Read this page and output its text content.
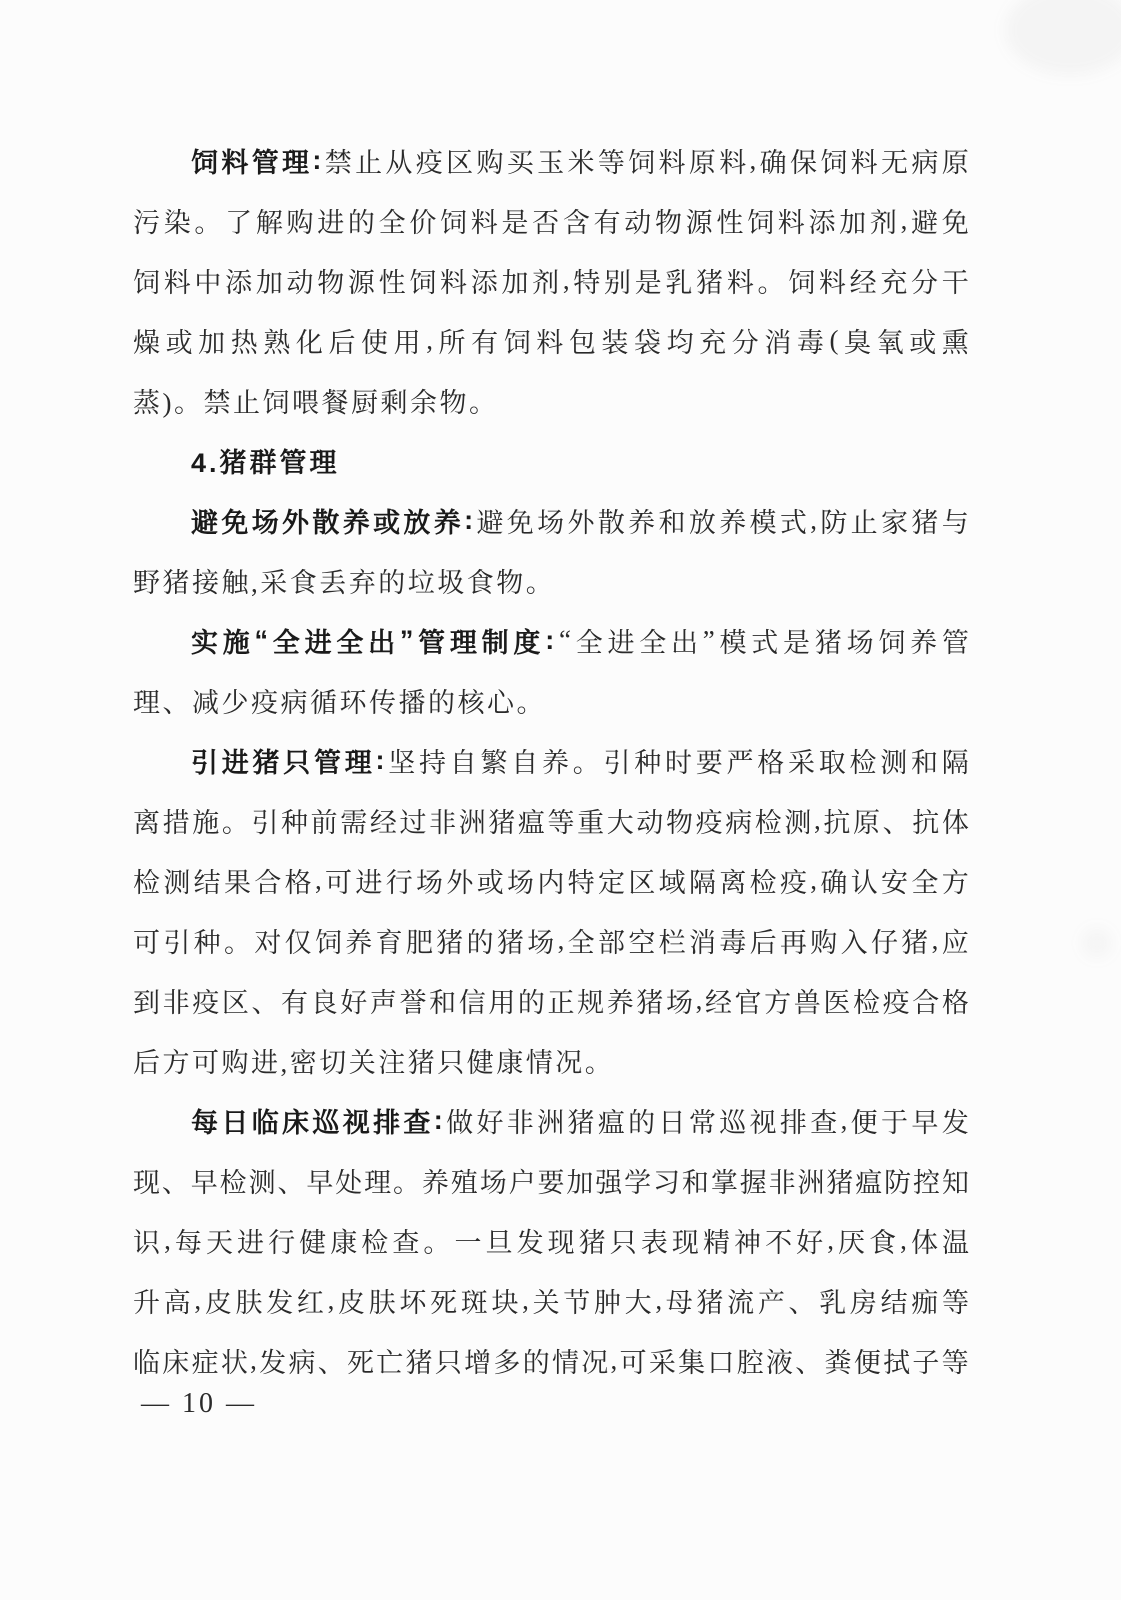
饲 料 管 理 : 禁 止 从 疫 区 购 买 玉 米 等 饲 料 原 料 , 确 保 饲 料 无 病 原
污 染 。 了 解 购 进 的 全 价 饲 料 是 否 含 有 动 物 源 性 饲 料 添 加 剂 , 避 免
饲 料 中 添 加 动 物 源 性 饲 料 添 加 剂 , 特 别 是 乳 猪 料 。 饲 料 经 充 分 干
燥 或 加 热 熟 化 后 使 用 , 所 有 饲 料 包 装 袋 均 充 分 消 毒 ( 臭 氧 或 熏
蒸)。禁止饲喂餐厨剩余物。
4.猪群管理
避 免 场 外 散 养 或 放 养 : 避 免 场 外 散 养 和 放 养 模 式 , 防 止 家 猪 与
野猪接触,采食丢弃的垃圾食物。
实 施 “ 全 进 全 出 ” 管 理 制 度 : “ 全 进 全 出 ” 模 式 是 猪 场 饲 养 管
理、减少疫病循环传播的核心。
引 进 猪 只 管 理 : 坚 持 自 繁 自 养 。 引 种 时 要 严 格 采 取 检 测 和 隔
离 措 施 。 引 种 前 需 经 过 非 洲 猪 瘟 等 重 大 动 物 疫 病 检 测 , 抗 原 、 抗 体
检 测 结 果 合 格 , 可 进 行 场 外 或 场 内 特 定 区 域 隔 离 检 疫 , 确 认 安 全 方
可 引 种 。 对 仅 饲 养 育 肥 猪 的 猪 场 , 全 部 空 栏 消 毒 后 再 购 入 仔 猪 , 应
到 非 疫 区 、 有 良 好 声 誉 和 信 用 的 正 规 养 猪 场 , 经 官 方 兽 医 检 疫 合 格
后方可购进,密切关注猪只健康情况。
每 日 临 床 巡 视 排 查 : 做 好 非 洲 猪 瘟 的 日 常 巡 视 排 查 , 便 于 早 发
现 、 早 检 测 、 早 处 理 。 养 殖 场 户 要 加 强 学 习 和 掌 握 非 洲 猪 瘟 防 控 知
识 , 每 天 进 行 健 康 检 查 。 一 旦 发 现 猪 只 表 现 精 神 不 好 , 厌 食 , 体 温
升 高 , 皮 肤 发 红 , 皮 肤 坏 死 斑 块 , 关 节 肿 大 , 母 猪 流 产 、 乳 房 结 痂 等
临 床 症 状 , 发 病 、 死 亡 猪 只 增 多 的 情 况 , 可 采 集 口 腔 液 、 粪 便 拭 子 等
— 10 —
